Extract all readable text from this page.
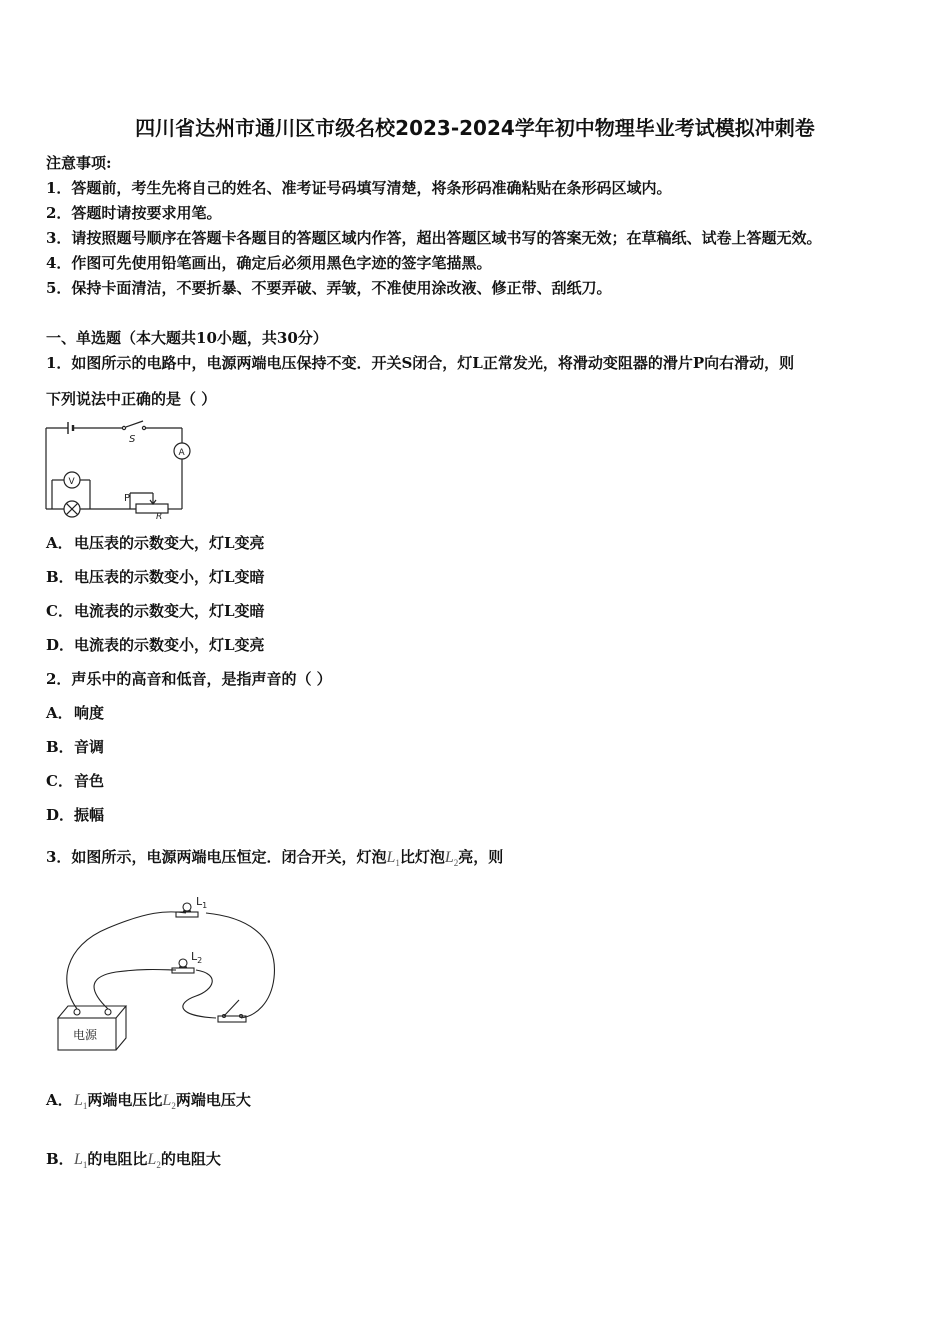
四川省达州市通川区市级名校2023-2024学年初中物理毕业考试模拟冲刺卷
注意事项:
1．答题前，考生先将自己的姓名、准考证号码填写清楚，将条形码准确粘贴在条形码区域内。
2．答题时请按要求用笔。
3．请按照题号顺序在答题卡各题目的答题区域内作答，超出答题区域书写的答案无效；在草稿纸、试卷上答题无效。
4．作图可先使用铅笔画出，确定后必须用黑色字迹的签字笔描黑。
5．保持卡面清洁，不要折暴、不要弄破、弄皱，不准使用涂改液、修正带、刮纸刀。
一、单选题（本大题共10小题，共30分）
1．如图所示的电路中，电源两端电压保持不变．开关S闭合，灯L正常发光，将滑动变阻器的滑片P向右滑动，则
下列说法中正确的是（ ）
S
A
V
P
R
A．电压表的示数变大，灯L变亮
B．电压表的示数变小，灯L变暗
C．电流表的示数变大，灯L变暗
D．电流表的示数变小，灯L变亮
2．声乐中的高音和低音，是指声音的（ ）
A．响度
B．音调
C．音色
D．振幅
3．如图所示，电源两端电压恒定．闭合开关，灯泡$L_1$比灯泡$L_2$亮，则
$L_1$
$L_2$
电源
A．$L_1$两端电压比$L_2$两端电压大
B．$L_1$的电阻比$L_2$的电阻大
